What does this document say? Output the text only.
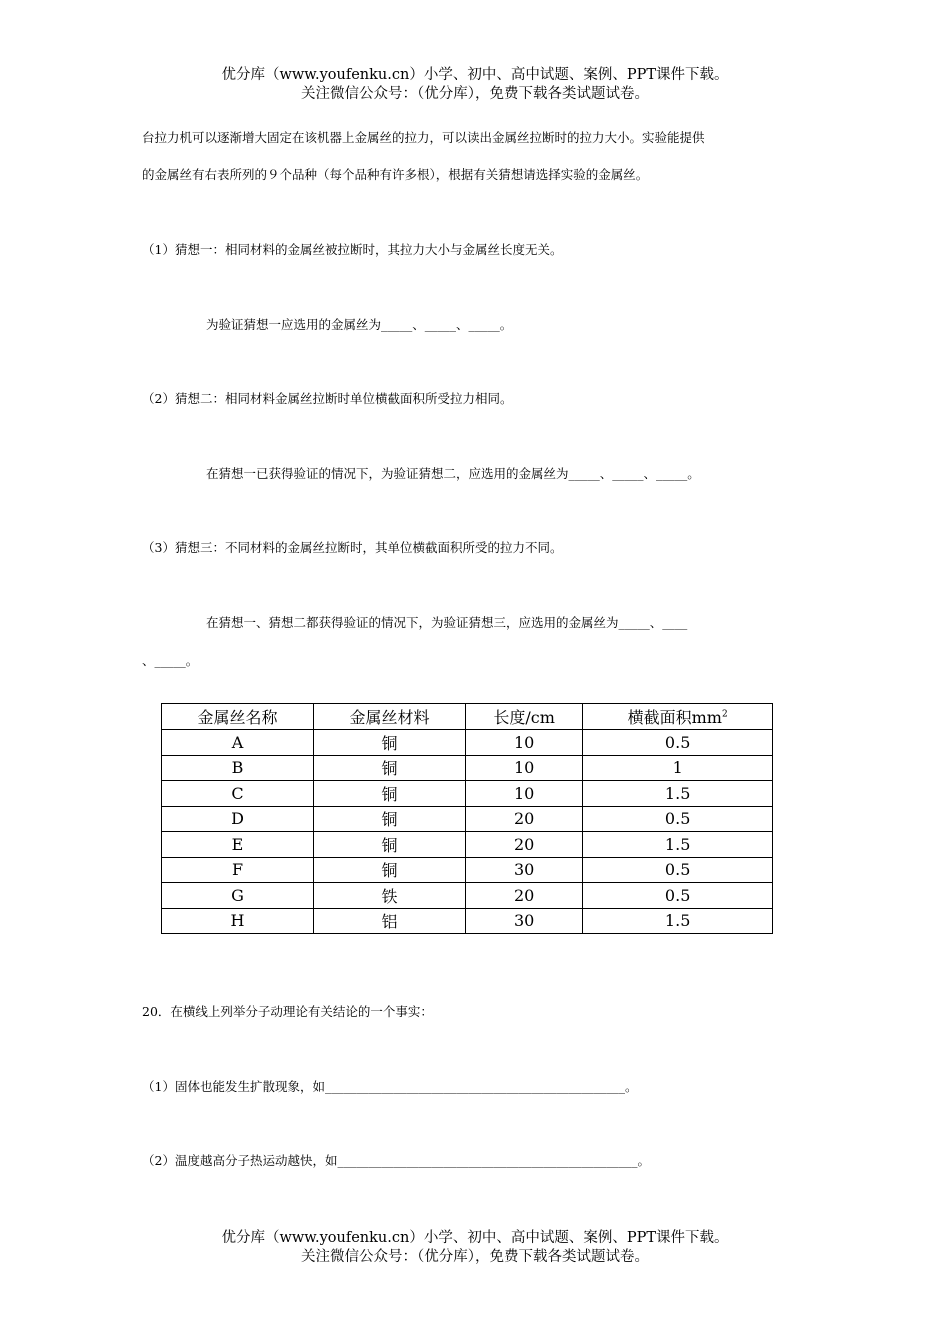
优分库（www.youfenku.cn）小学、初中、高中试题、案例、PPT课件下载。
关注微信公众号：（优分库），免费下载各类试题试卷。
台拉力机可以逐渐增大固定在该机器上金属丝的拉力，可以读出金属丝拉断时的拉力大小。实验能提供
的金属丝有右表所列的９个品种（每个品种有许多根），根据有关猜想请选择实验的金属丝。
（1）猜想一：相同材料的金属丝被拉断时，其拉力大小与金属丝长度无关。
为验证猜想一应选用的金属丝为_____、_____、_____。
（2）猜想二：相同材料金属丝拉断时单位横截面积所受拉力相同。
在猜想一已获得验证的情况下，为验证猜想二，应选用的金属丝为_____、_____、_____。
（3）猜想三：不同材料的金属丝拉断时，其单位横截面积所受的拉力不同。
在猜想一、猜想二都获得验证的情况下，为验证猜想三，应选用的金属丝为_____、____
、_____。
金属丝名称	金属丝材料	长度/cm	横截面积$mm^2$
A	铜	10	0.5
B	铜	10	1
C	铜	10	1.5
D	铜	20	0.5
E	铜	20	1.5
F	铜	30	0.5
G	铁	20	0.5
H	铝	30	1.5
20．在横线上列举分子动理论有关结论的一个事实：
（1）固体也能发生扩散现象，如________________________________________________。
（2）温度越高分子热运动越快，如________________________________________________。
优分库（www.youfenku.cn）小学、初中、高中试题、案例、PPT课件下载。
关注微信公众号：（优分库），免费下载各类试题试卷。
